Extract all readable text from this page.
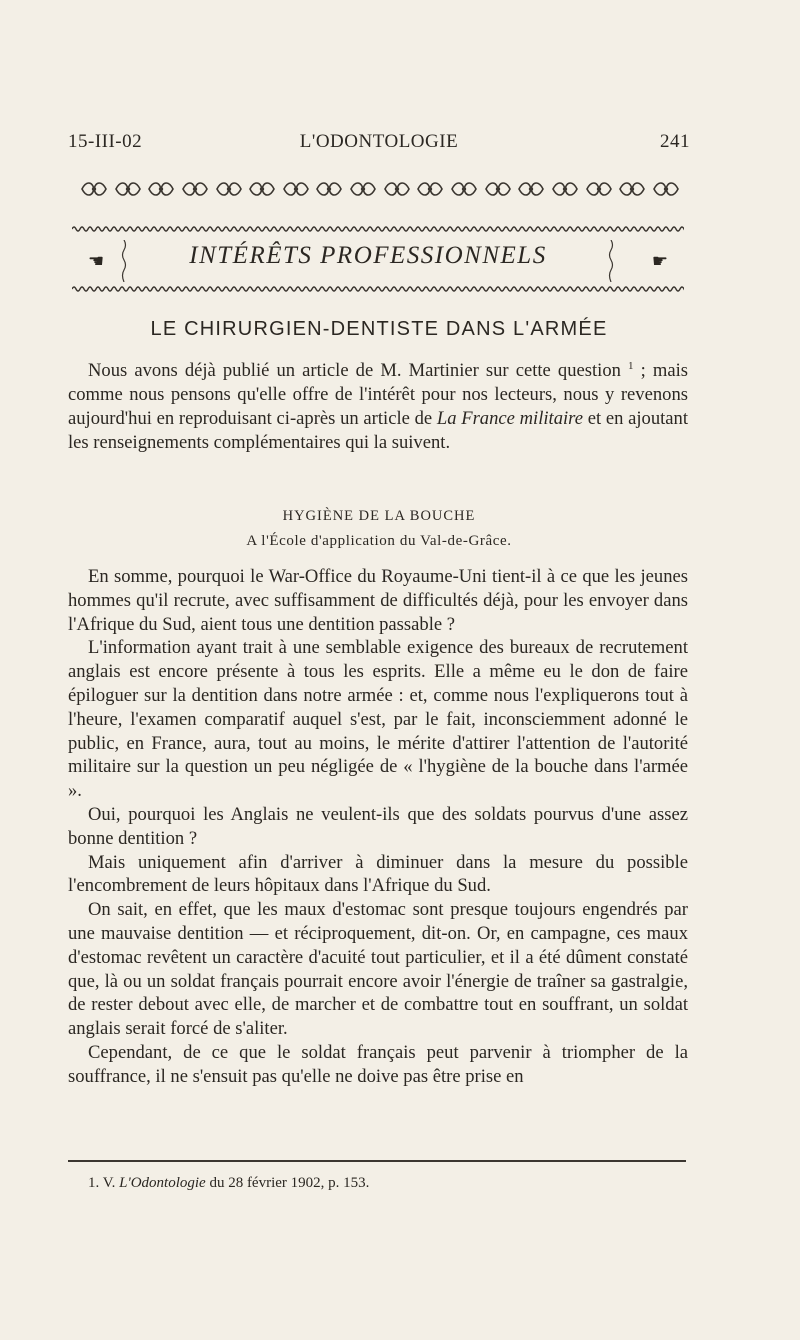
15-III-02	L'ODONTOLOGIE	241
☚	INTÉRÊTS PROFESSIONNELS	☛
LE CHIRURGIEN-DENTISTE DANS L'ARMÉE

Nous avons déjà publié un article de M. Martinier sur cette question $^1$ ; mais comme nous pensons qu'elle offre de l'intérêt pour nos lecteurs, nous y revenons aujourd'hui en reproduisant ci-après un article de La France militaire et en ajoutant les renseignements complémentaires qui la suivent.

HYGIÈNE DE LA BOUCHE
A l'École d'application du Val-de-Grâce.

En somme, pourquoi le War-Office du Royaume-Uni tient-il à ce que les jeunes hommes qu'il recrute, avec suffisamment de difficultés déjà, pour les envoyer dans l'Afrique du Sud, aient tous une dentition passable ?

L'information ayant trait à une semblable exigence des bureaux de recrutement anglais est encore présente à tous les esprits. Elle a même eu le don de faire épiloguer sur la dentition dans notre armée : et, comme nous l'expliquerons tout à l'heure, l'examen comparatif auquel s'est, par le fait, inconsciemment adonné le public, en France, aura, tout au moins, le mérite d'attirer l'attention de l'autorité militaire sur la question un peu négligée de « l'hygiène de la bouche dans l'armée ».

Oui, pourquoi les Anglais ne veulent-ils que des soldats pourvus d'une assez bonne dentition ?

Mais uniquement afin d'arriver à diminuer dans la mesure du possible l'encombrement de leurs hôpitaux dans l'Afrique du Sud.

On sait, en effet, que les maux d'estomac sont presque toujours engendrés par une mauvaise dentition — et réciproquement, dit-on. Or, en campagne, ces maux d'estomac revêtent un caractère d'acuité tout particulier, et il a été dûment constaté que, là ou un soldat français pourrait encore avoir l'énergie de traîner sa gastralgie, de rester debout avec elle, de marcher et de combattre tout en souffrant, un soldat anglais serait forcé de s'aliter.

Cependant, de ce que le soldat français peut parvenir à triompher de la souffrance, il ne s'ensuit pas qu'elle ne doive pas être prise en

1. V. L'Odontologie du 28 février 1902, p. 153.
